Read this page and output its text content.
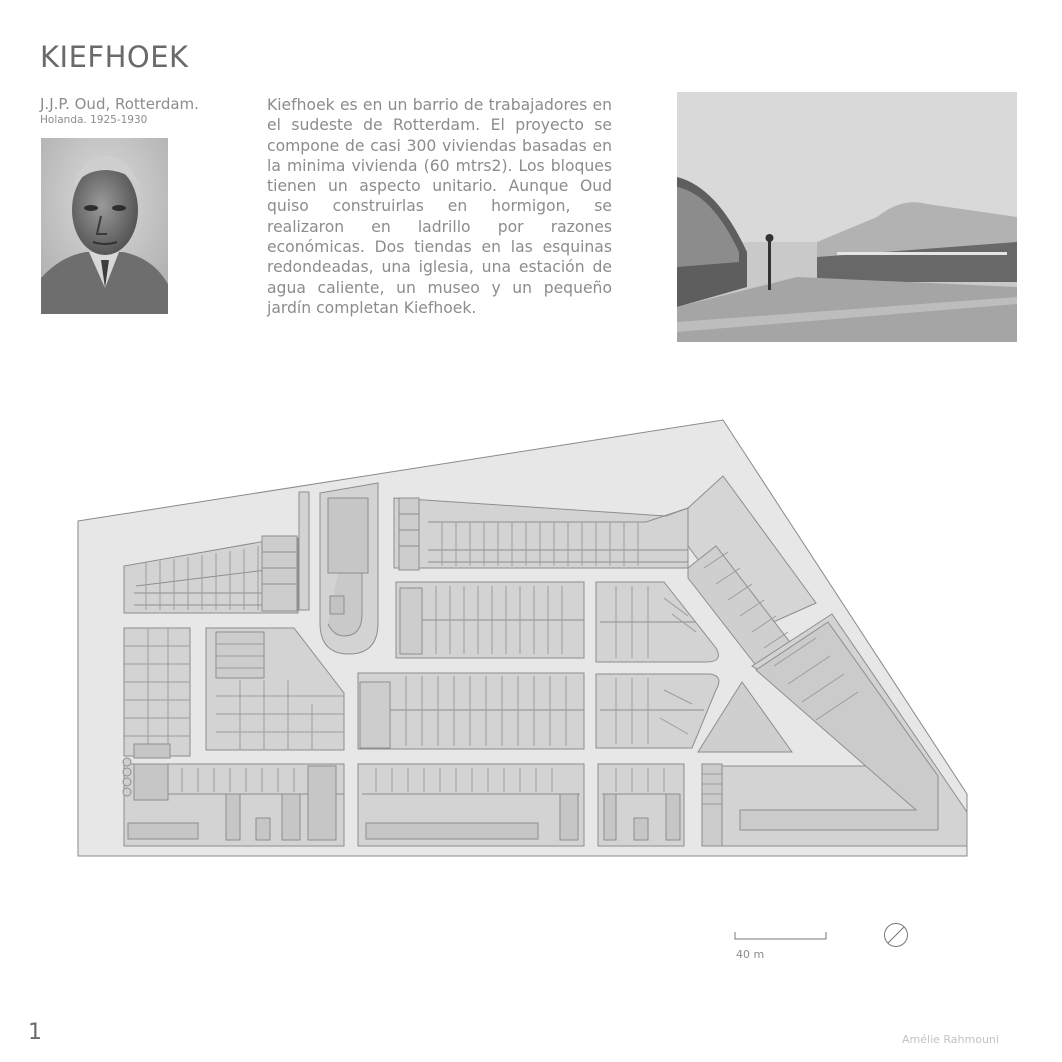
KIEFHOEK
J.J.P. Oud, Rotterdam.
Holanda. 1925-1930
Kiefhoek es en un barrio de trabajadores en el sudeste de Rotterdam. El proyecto se compone de casi 300 viviendas basadas en la minima vivienda (60 mtrs2). Los bloques tienen un aspecto unitario. Aunque Oud quiso construirlas en hormigon, se realizaron en ladrillo por razones económicas. Dos tiendas en las esquinas redondeadas, una iglesia, una estación de agua caliente, un museo y un pequeño jardín completan Kiefhoek.
40 m
1	Amélie Rahmouni
